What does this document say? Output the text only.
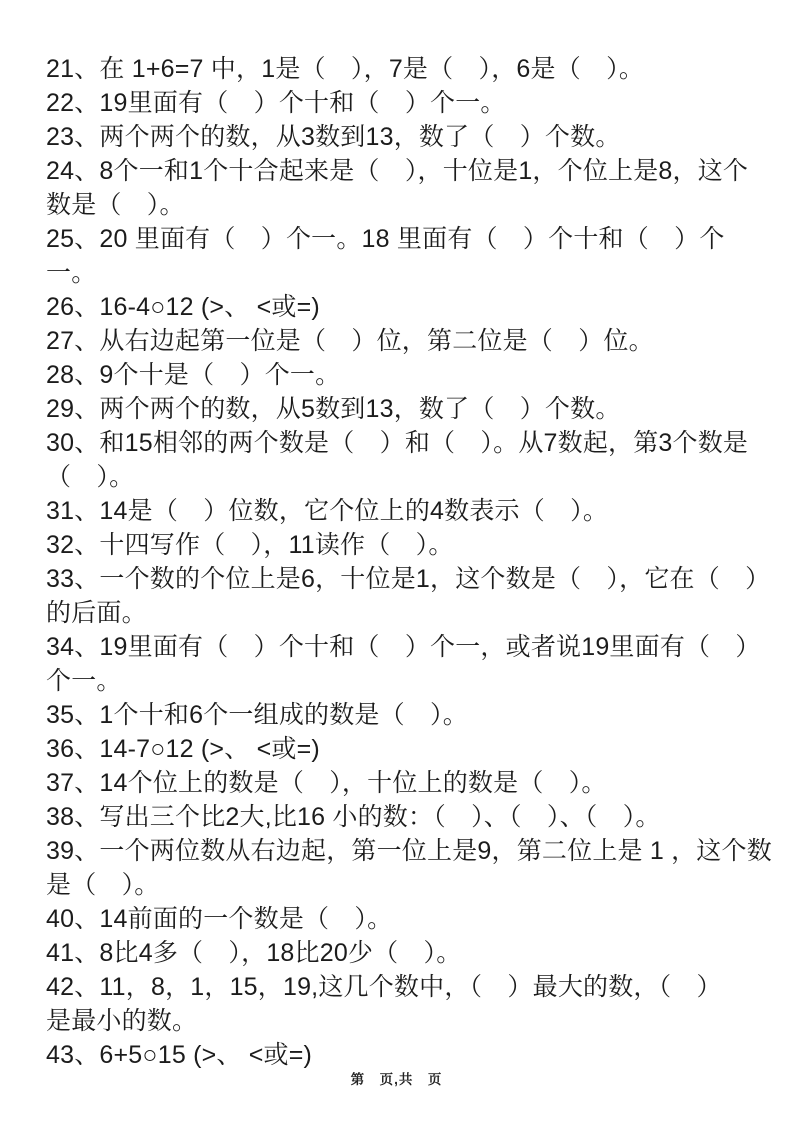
21、在 1+6=7 中，1是（　），7是（　），6是（　）。
22、19里面有（　）个十和（　）个一。
23、两个两个的数，从3数到13，数了（　）个数。
24、8个一和1个十合起来是（　），十位是1，个位上是8，这个
数是（　）。
25、20 里面有（　）个一。18 里面有（　）个十和（　）个
一。
26、16-4○12 (>、 <或=)
27、从右边起第一位是（　）位，第二位是（　）位。
28、9个十是（　）个一。
29、两个两个的数，从5数到13，数了（　）个数。
30、和15相邻的两个数是（　）和（　）。从7数起，第3个数是
（　）。
31、14是（　）位数，它个位上的4数表示（　）。
32、十四写作（　），11读作（　）。
33、一个数的个位上是6，十位是1，这个数是（　），它在（　）
的后面。
34、19里面有（　）个十和（　）个一，或者说19里面有（　）
个一。
35、1个十和6个一组成的数是（　）。
36、14-7○12 (>、 <或=)
37、14个位上的数是（　），十位上的数是（　）。
38、写出三个比2大,比16 小的数：（　）、（　）、（　）。
39、一个两位数从右边起，第一位上是9，第二位上是 1 ，这个数
是（　）。
40、14前面的一个数是（　）。
41、8比4多（　），18比20少（　）。
42、11，8，1，15，19,这几个数中，（　）最大的数，（　）
是最小的数。
43、6+5○15 (>、 <或=)
第　页,共　页
